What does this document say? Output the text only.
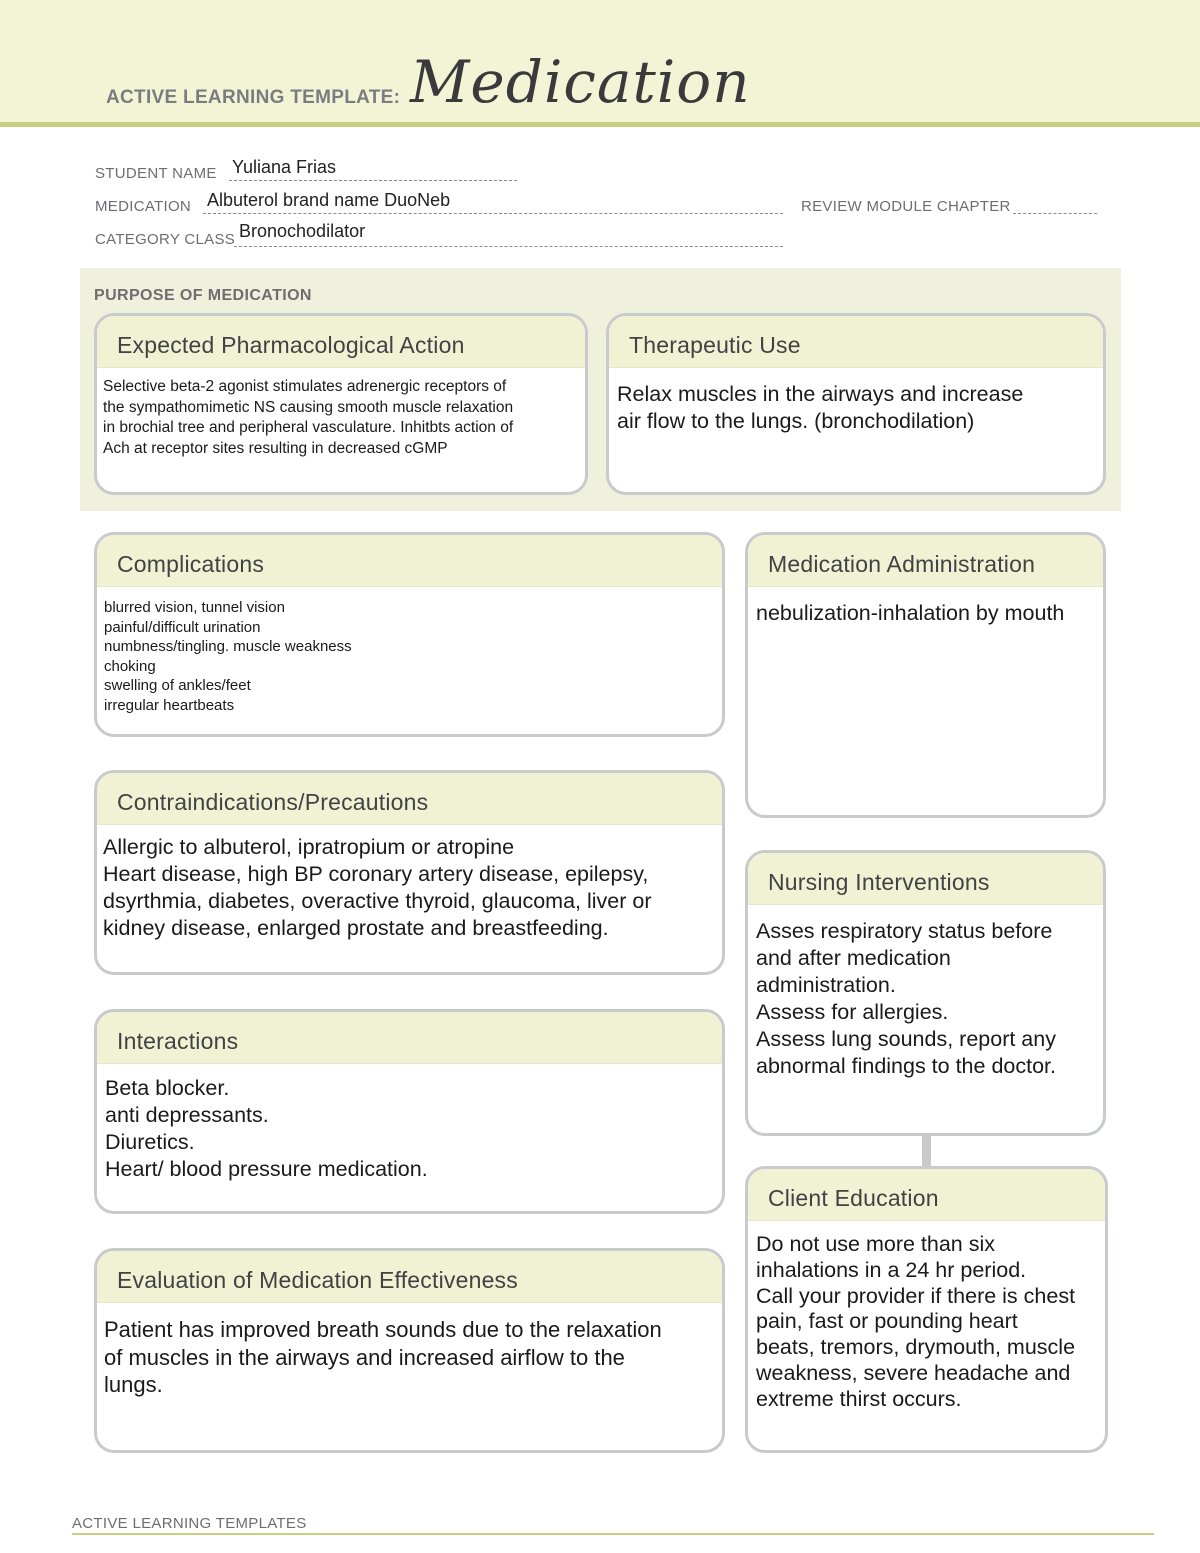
ACTIVE LEARNING TEMPLATE: Medication
STUDENT NAME Yuliana Frias
MEDICATION Albuterol brand name DuoNeb	REVIEW MODULE CHAPTER
CATEGORY CLASS Bronochodilator
PURPOSE OF MEDICATION
Expected Pharmacological Action
Selective beta-2 agonist stimulates adrenergic receptors of
the sympathomimetic NS causing smooth muscle relaxation
in brochial tree and peripheral vasculature. Inhitbts action of
Ach at receptor sites resulting in decreased cGMP
Therapeutic Use
Relax muscles in the airways and increase
air flow to the lungs. (bronchodilation)
Complications
blurred vision, tunnel vision
painful/difficult urination
numbness/tingling. muscle weakness
choking
swelling of ankles/feet
irregular heartbeats
Medication Administration
nebulization-inhalation by mouth
Contraindications/Precautions
Allergic to albuterol, ipratropium or atropine
Heart disease, high BP coronary artery disease, epilepsy,
dsyrthmia, diabetes, overactive thyroid, glaucoma, liver or
kidney disease, enlarged prostate and breastfeeding.
Nursing Interventions
Asses respiratory status before
and after medication
administration.
Assess for allergies.
Assess lung sounds, report any
abnormal findings to the doctor.
Interactions
Beta blocker.
anti depressants.
Diuretics.
Heart/ blood pressure medication.
Client Education
Do not use more than six
inhalations in a 24 hr period.
Call your provider if there is chest
pain, fast or pounding heart
beats, tremors, drymouth, muscle
weakness, severe headache and
extreme thirst occurs.
Evaluation of Medication Effectiveness
Patient has improved breath sounds due to the relaxation
of muscles in the airways and increased airflow to the
lungs.
ACTIVE LEARNING TEMPLATES
